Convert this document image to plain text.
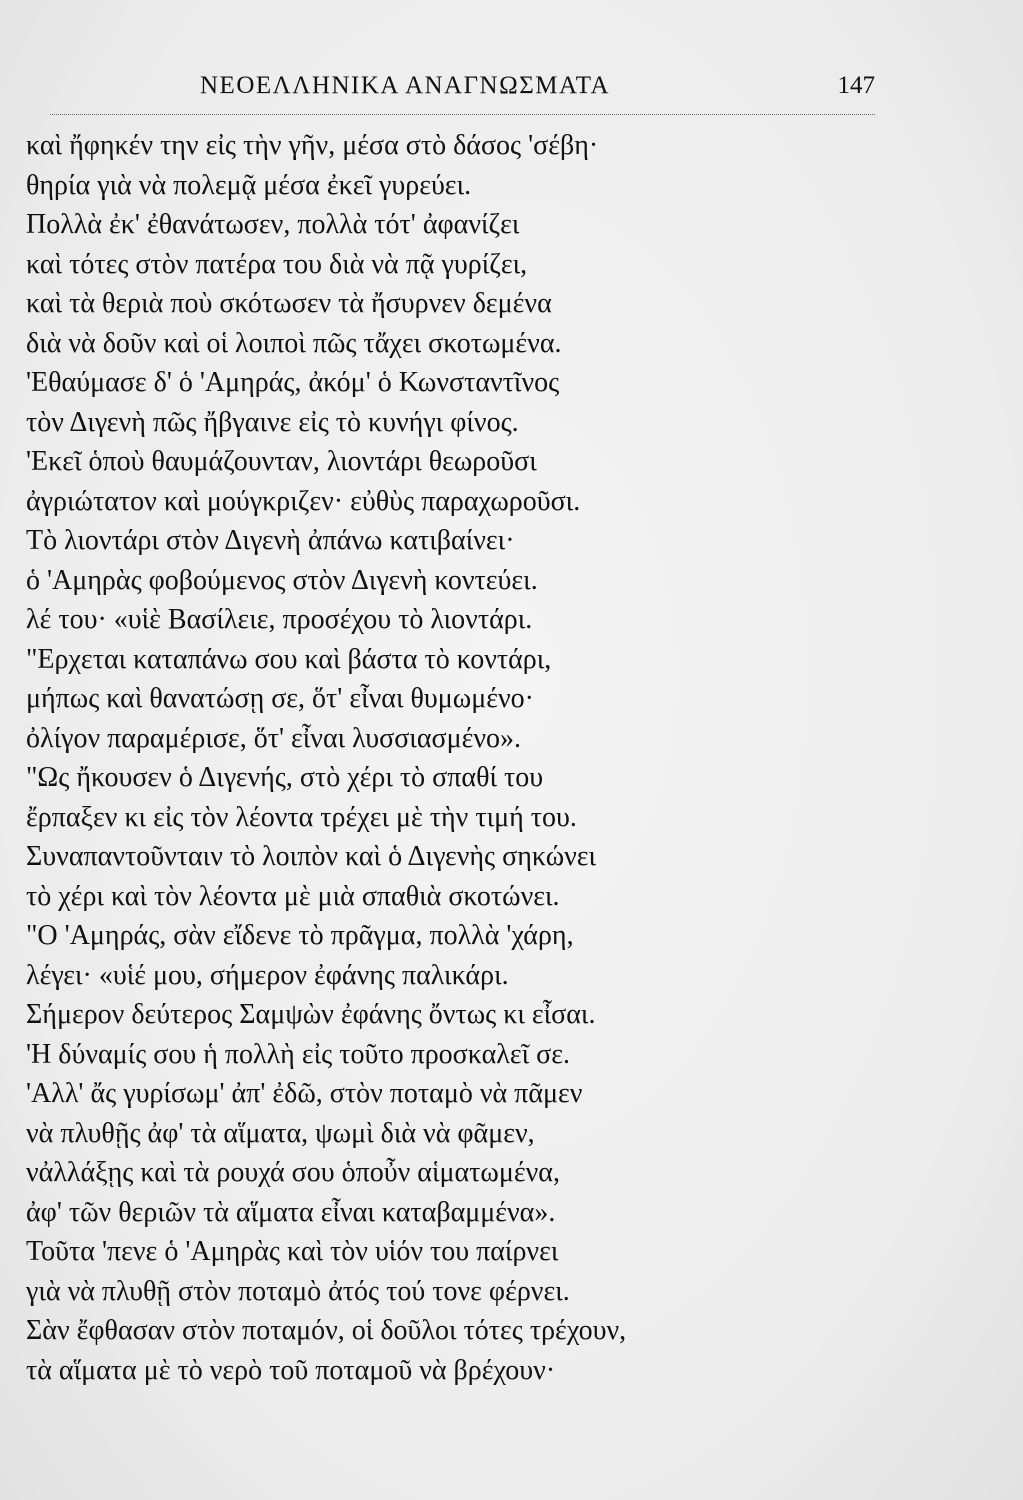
ΝΕΟΕΛΛΗΝΙΚΑ ΑΝΑΓΝΩΣΜΑΤΑ	147
καὶ ἤφηκέν την εἰς τὴν γῆν, μέσα στὸ δάσος 'σέβη·
θηρία γιὰ νὰ πολεμᾷ μέσα ἐκεῖ γυρεύει.
Πολλὰ ἐκ' ἐθανάτωσεν, πολλὰ τότ' ἀφανίζει
καὶ τότες στὸν πατέρα του διὰ νὰ πᾷ γυρίζει,
καὶ τὰ θεριὰ ποὺ σκότωσεν τὰ ἤσυρνεν δεμένα
διὰ νὰ δοῦν καὶ οἱ λοιποὶ πῶς τἄχει σκοτωμένα.
'Εθαύμασε δ' ὁ 'Αμηράς, ἀκόμ' ὁ Κωνσταντῖνος
τὸν Διγενὴ πῶς ἤβγαινε εἰς τὸ κυνήγι φίνος.
'Εκεῖ ὁποὺ θαυμάζουνταν, λιοντάρι θεωροῦσι
ἀγριώτατον καὶ μούγκριζεν· εὐθὺς παραχωροῦσι.
Τὸ λιοντάρι στὸν Διγενὴ ἀπάνω κατιβαίνει·
ὁ 'Αμηρὰς φοβούμενος στὸν Διγενὴ κοντεύει.
λέ του· «υἱὲ Βασίλειε, προσέχου τὸ λιοντάρι.
"Ερχεται καταπάνω σου καὶ βάστα τὸ κοντάρι,
μήπως καὶ θανατώσῃ σε, ὅτ' εἶναι θυμωμένο·
ὀλίγον παραμέρισε, ὅτ' εἶναι λυσσιασμένο».
"Ως ἤκουσεν ὁ Διγενής, στὸ χέρι τὸ σπαθί του
ἔρπαξεν κι εἰς τὸν λέοντα τρέχει μὲ τὴν τιμή του.
Συναπαντοῦνταιν τὸ λοιπὸν καὶ ὁ Διγενὴς σηκώνει
τὸ χέρι καὶ τὸν λέοντα μὲ μιὰ σπαθιὰ σκοτώνει.
"Ο 'Αμηράς, σὰν εἴδενε τὸ πρᾶγμα, πολλὰ 'χάρη,
λέγει· «υἱέ μου, σήμερον ἐφάνης παλικάρι.
Σήμερον δεύτερος Σαμψὼν ἐφάνης ὄντως κι εἶσαι.
'Η δύναμίς σου ἡ πολλὴ εἰς τοῦτο προσκαλεῖ σε.
'Αλλ' ἄς γυρίσωμ' ἀπ' ἐδῶ, στὸν ποταμὸ νὰ πᾶμεν
νὰ πλυθῇς ἀφ' τὰ αἵματα, ψωμὶ διὰ νὰ φᾶμεν,
νἀλλάξῃς καὶ τὰ ρουχά σου ὁποὖν αἱματωμένα,
ἀφ' τῶν θεριῶν τὰ αἵματα εἶναι καταβαμμένα».
Τοῦτα 'πενε ὁ 'Αμηρὰς καὶ τὸν υἱόν του παίρνει
γιὰ νὰ πλυθῇ στὸν ποταμὸ ἀτός τού τονε φέρνει.
Σὰν ἔφθασαν στὸν ποταμόν, οἱ δοῦλοι τότες τρέχουν,
τὰ αἵματα μὲ τὸ νερὸ τοῦ ποταμοῦ νὰ βρέχουν·
